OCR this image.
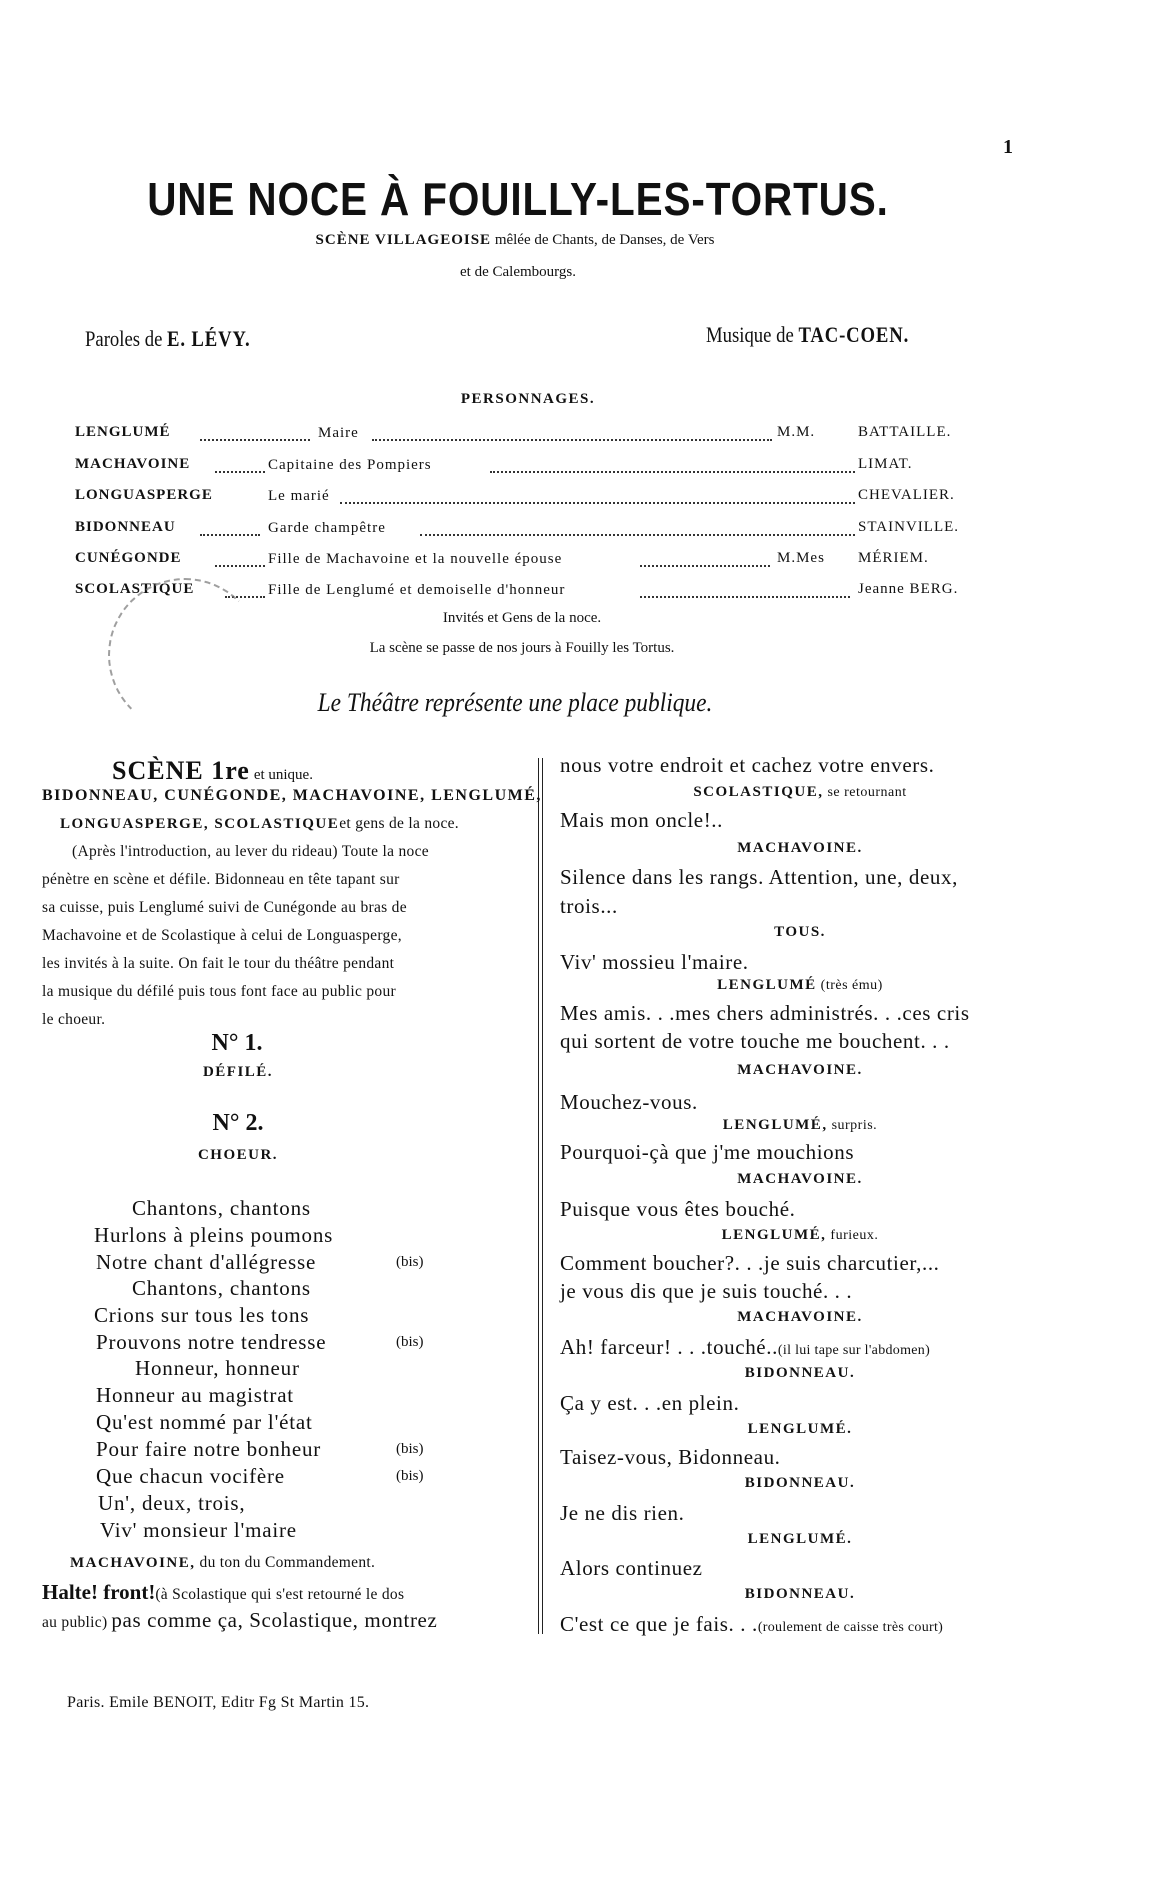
1
UNE NOCE À FOUILLY-LES-TORTUS.
SCÈNE VILLAGEOISE mêlée de Chants, de Danses, de Vers
et de Calembourgs.
Paroles de E. LÉVY.	Musique de TAC-COEN.
PERSONNAGES.
LENGLUMÉ	Maire	M.M.	BATTAILLE.
MACHAVOINE	Capitaine des Pompiers	LIMAT.
LONGUASPERGE	Le marié	CHEVALIER.
BIDONNEAU	Garde champêtre	STAINVILLE.
CUNÉGONDE	Fille de Machavoine et la nouvelle épouse	M.Mes MÉRIEM.
SCOLASTIQUE	Fille de Lenglumé et demoiselle d'honneur	Jeanne BERG.
Invités et Gens de la noce.
La scène se passe de nos jours à Fouilly les Tortus.
Le Théâtre représente une place publique.
SCÈNE 1re et unique.
BIDONNEAU, CUNÉGONDE, MACHAVOINE, LENGLUMÉ,
LONGUASPERGE, SCOLASTIQUEet gens de la noce.
(Après l'introduction, au lever du rideau) Toute la noce
pénètre en scène et défile. Bidonneau en tête tapant sur
sa cuisse, puis Lenglumé suivi de Cunégonde au bras de
Machavoine et de Scolastique à celui de Longuasperge,
les invités à la suite. On fait le tour du théâtre pendant
la musique du défilé puis tous font face au public pour
le choeur.
N° 1.
DÉFILÉ.
N° 2.
CHOEUR.
Chantons, chantons
Hurlons à pleins poumons
Notre chant d'allégresse	(bis)
Chantons, chantons
Crions sur tous les tons
Prouvons notre tendresse	(bis)
Honneur, honneur
Honneur au magistrat
Qu'est nommé par l'état
Pour faire notre bonheur	(bis)
Que chacun vocifère	(bis)
Un', deux, trois,
Viv' monsieur l'maire
MACHAVOINE, du ton du Commandement.
Halte! front!(à Scolastique qui s'est retourné le dos
au public) pas comme ça, Scolastique, montrez
nous votre endroit et cachez votre envers.
SCOLASTIQUE, se retournant
Mais mon oncle!..
MACHAVOINE.
Silence dans les rangs. Attention, une, deux,
trois...
TOUS.
Viv' mossieu l'maire.
LENGLUMÉ (très ému)
Mes amis. . .mes chers administrés. . .ces cris
qui sortent de votre touche me bouchent. . .
MACHAVOINE.
Mouchez-vous.
LENGLUMÉ, surpris.
Pourquoi-çà que j'me mouchions
MACHAVOINE.
Puisque vous êtes bouché.
LENGLUMÉ, furieux.
Comment boucher?. . .je suis charcutier,...
je vous dis que je suis touché. . .
MACHAVOINE.
Ah! farceur! . . .touché..(il lui tape sur l'abdomen)
BIDONNEAU.
Ça y est. . .en plein.
LENGLUMÉ.
Taisez-vous, Bidonneau.
BIDONNEAU.
Je ne dis rien.
LENGLUMÉ.
Alors continuez
BIDONNEAU.
C'est ce que je fais. . .(roulement de caisse très court)
Paris. Emile BENOIT, Editr Fg St Martin 15.
